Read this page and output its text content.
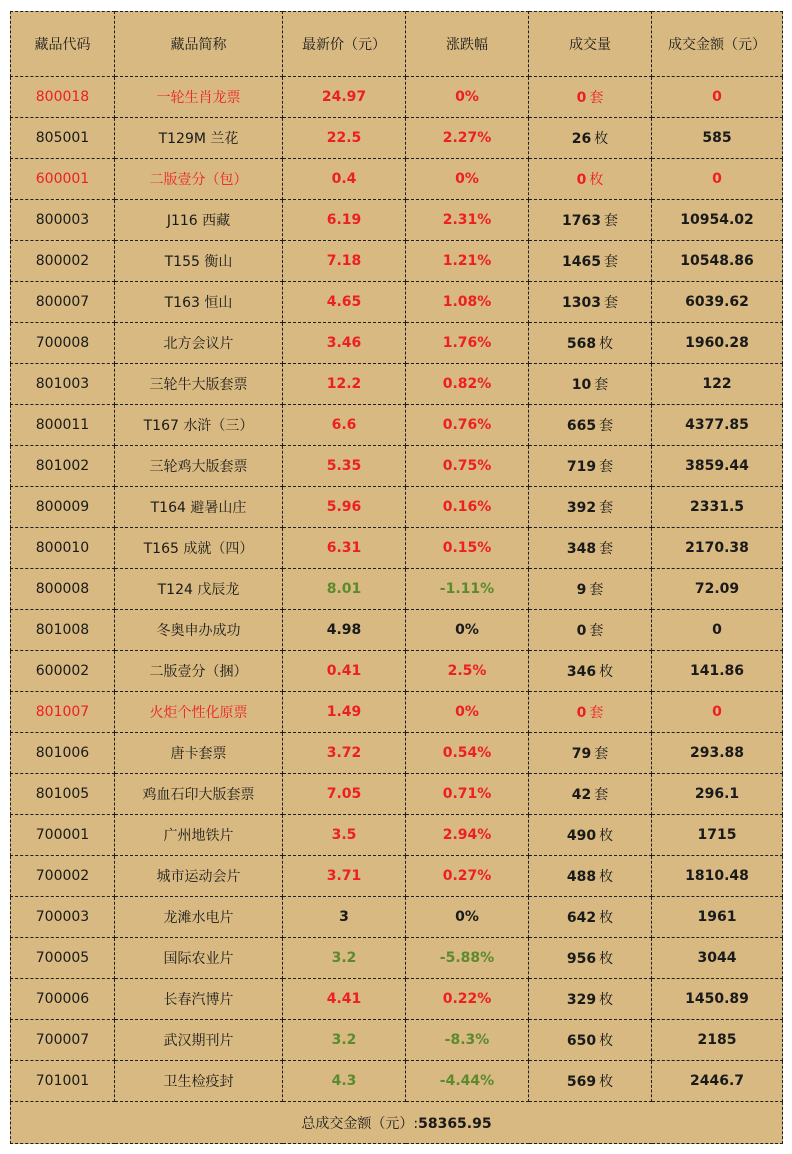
藏品代码	藏品简称	最新价（元）	涨跌幅	成交量	成交金额（元）
800018	一轮生肖龙票	24.97	0%	0 套	0
805001	T129M 兰花	22.5	2.27%	26 枚	585
600001	二版壹分（包）	0.4	0%	0 枚	0
800003	J116 西藏	6.19	2.31%	1763 套	10954.02
800002	T155 衡山	7.18	1.21%	1465 套	10548.86
800007	T163 恒山	4.65	1.08%	1303 套	6039.62
700008	北方会议片	3.46	1.76%	568 枚	1960.28
801003	三轮牛大版套票	12.2	0.82%	10 套	122
800011	T167 水浒（三）	6.6	0.76%	665 套	4377.85
801002	三轮鸡大版套票	5.35	0.75%	719 套	3859.44
800009	T164 避暑山庄	5.96	0.16%	392 套	2331.5
800010	T165 成就（四）	6.31	0.15%	348 套	2170.38
800008	T124 戊辰龙	8.01	-1.11%	9 套	72.09
801008	冬奥申办成功	4.98	0%	0 套	0
600002	二版壹分（捆）	0.41	2.5%	346 枚	141.86
801007	火炬个性化原票	1.49	0%	0 套	0
801006	唐卡套票	3.72	0.54%	79 套	293.88
801005	鸡血石印大版套票	7.05	0.71%	42 套	296.1
700001	广州地铁片	3.5	2.94%	490 枚	1715
700002	城市运动会片	3.71	0.27%	488 枚	1810.48
700003	龙滩水电片	3	0%	642 枚	1961
700005	国际农业片	3.2	-5.88%	956 枚	3044
700006	长春汽博片	4.41	0.22%	329 枚	1450.89
700007	武汉期刊片	3.2	-8.3%	650 枚	2185
701001	卫生检疫封	4.3	-4.44%	569 枚	2446.7
总成交金额（元）:58365.95					
